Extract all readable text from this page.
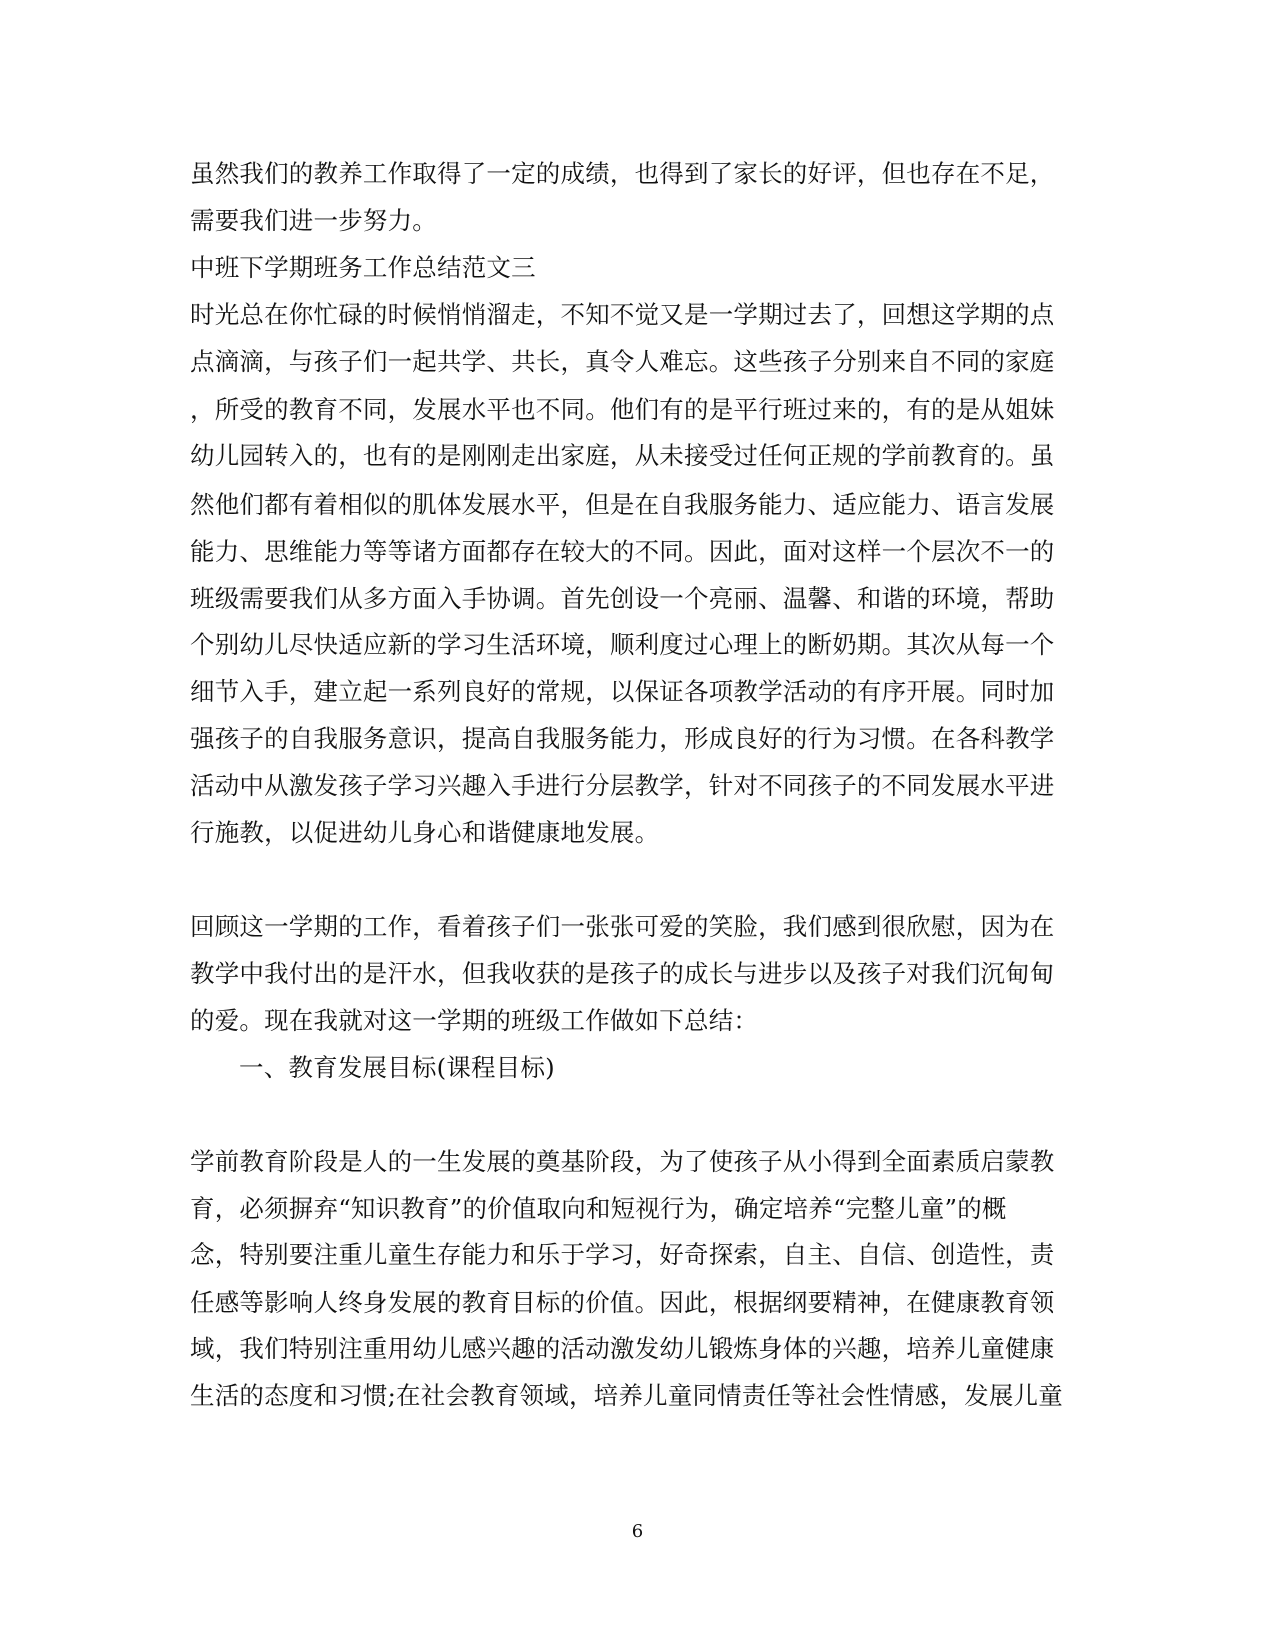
虽然我们的教养工作取得了一定的成绩，也得到了家长的好评，但也存在不足，
需要我们进一步努力。
中班下学期班务工作总结范文三
时光总在你忙碌的时候悄悄溜走，不知不觉又是一学期过去了，回想这学期的点
点滴滴，与孩子们一起共学、共长，真令人难忘。这些孩子分别来自不同的家庭
，所受的教育不同，发展水平也不同。他们有的是平行班过来的，有的是从姐妹
幼儿园转入的，也有的是刚刚走出家庭，从未接受过任何正规的学前教育的。虽
然他们都有着相似的肌体发展水平，但是在自我服务能力、适应能力、语言发展
能力、思维能力等等诸方面都存在较大的不同。因此，面对这样一个层次不一的
班级需要我们从多方面入手协调。首先创设一个亮丽、温馨、和谐的环境，帮助
个别幼儿尽快适应新的学习生活环境，顺利度过心理上的断奶期。其次从每一个
细节入手，建立起一系列良好的常规，以保证各项教学活动的有序开展。同时加
强孩子的自我服务意识，提高自我服务能力，形成良好的行为习惯。在各科教学
活动中从激发孩子学习兴趣入手进行分层教学，针对不同孩子的不同发展水平进
行施教，以促进幼儿身心和谐健康地发展。
回顾这一学期的工作，看着孩子们一张张可爱的笑脸，我们感到很欣慰，因为在
教学中我付出的是汗水，但我收获的是孩子的成长与进步以及孩子对我们沉甸甸
的爱。现在我就对这一学期的班级工作做如下总结：
一、教育发展目标(课程目标)
学前教育阶段是人的一生发展的奠基阶段，为了使孩子从小得到全面素质启蒙教
育，必须摒弃“知识教育”的价值取向和短视行为，确定培养“完整儿童”的概
念，特别要注重儿童生存能力和乐于学习，好奇探索，自主、自信、创造性，责
任感等影响人终身发展的教育目标的价值。因此，根据纲要精神，在健康教育领
域，我们特别注重用幼儿感兴趣的活动激发幼儿锻炼身体的兴趣，培养儿童健康
生活的态度和习惯;在社会教育领域，培养儿童同情责任等社会性情感，发展儿童
6
